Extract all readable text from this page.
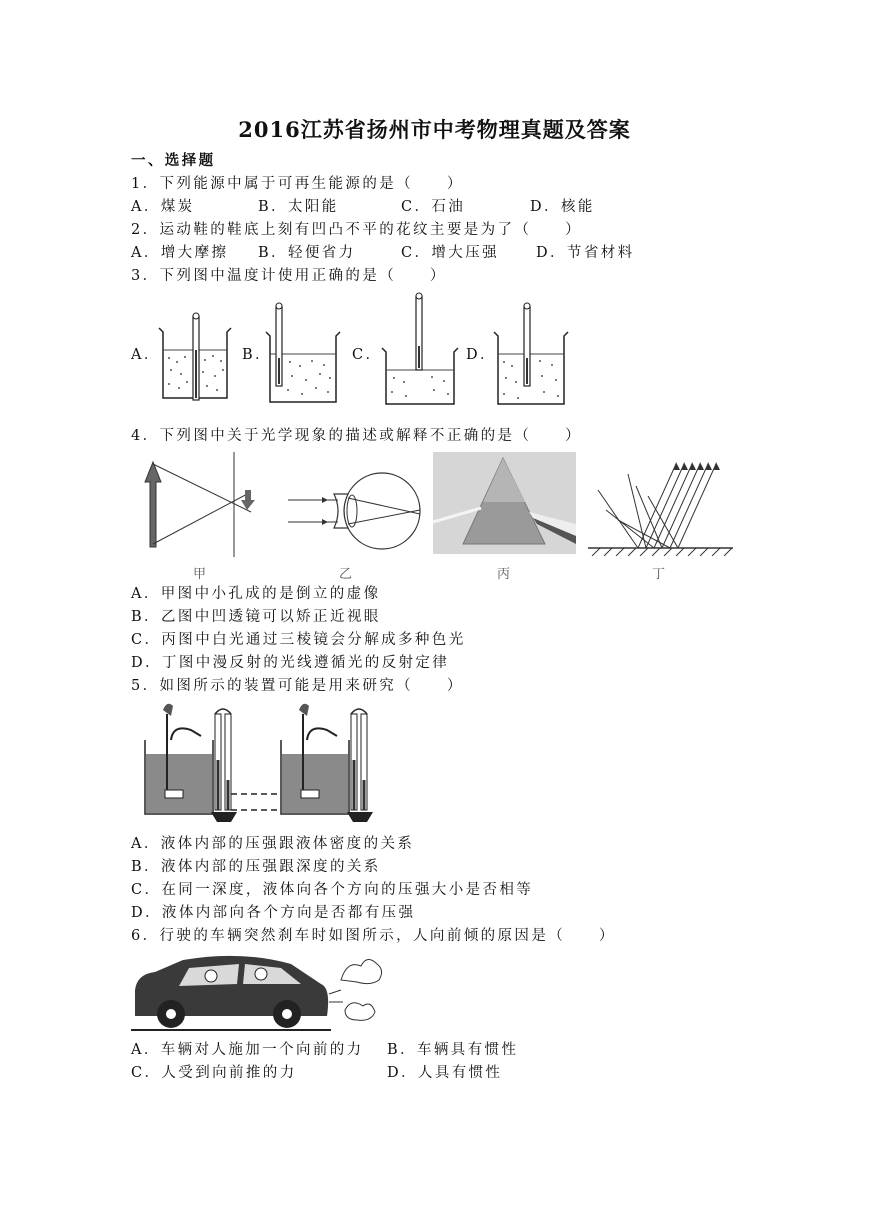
2016江苏省扬州市中考物理真题及答案
一、选择题
1．下列能源中属于可再生能源的是（　　）
A．煤炭	B．太阳能	C．石油	D．核能
2．运动鞋的鞋底上刻有凹凸不平的花纹主要是为了（　　）
A．增大摩擦 B．轻便省力	C．增大压强	D．节省材料
3．下列图中温度计使用正确的是（　　）
A．	B．	C．	D．
4．下列图中关于光学现象的描述或解释不正确的是（　　）
甲	乙	丙	丁
A．甲图中小孔成的是倒立的虚像
B．乙图中凹透镜可以矫正近视眼
C．丙图中白光通过三棱镜会分解成多种色光
D．丁图中漫反射的光线遵循光的反射定律
5．如图所示的装置可能是用来研究（　　）
A．液体内部的压强跟液体密度的关系
B．液体内部的压强跟深度的关系
C．在同一深度，液体向各个方向的压强大小是否相等
D．液体内部向各个方向是否都有压强
6．行驶的车辆突然刹车时如图所示，人向前倾的原因是（　　）
A．车辆对人施加一个向前的力 B．车辆具有惯性
C．人受到向前推的力	D．人具有惯性
